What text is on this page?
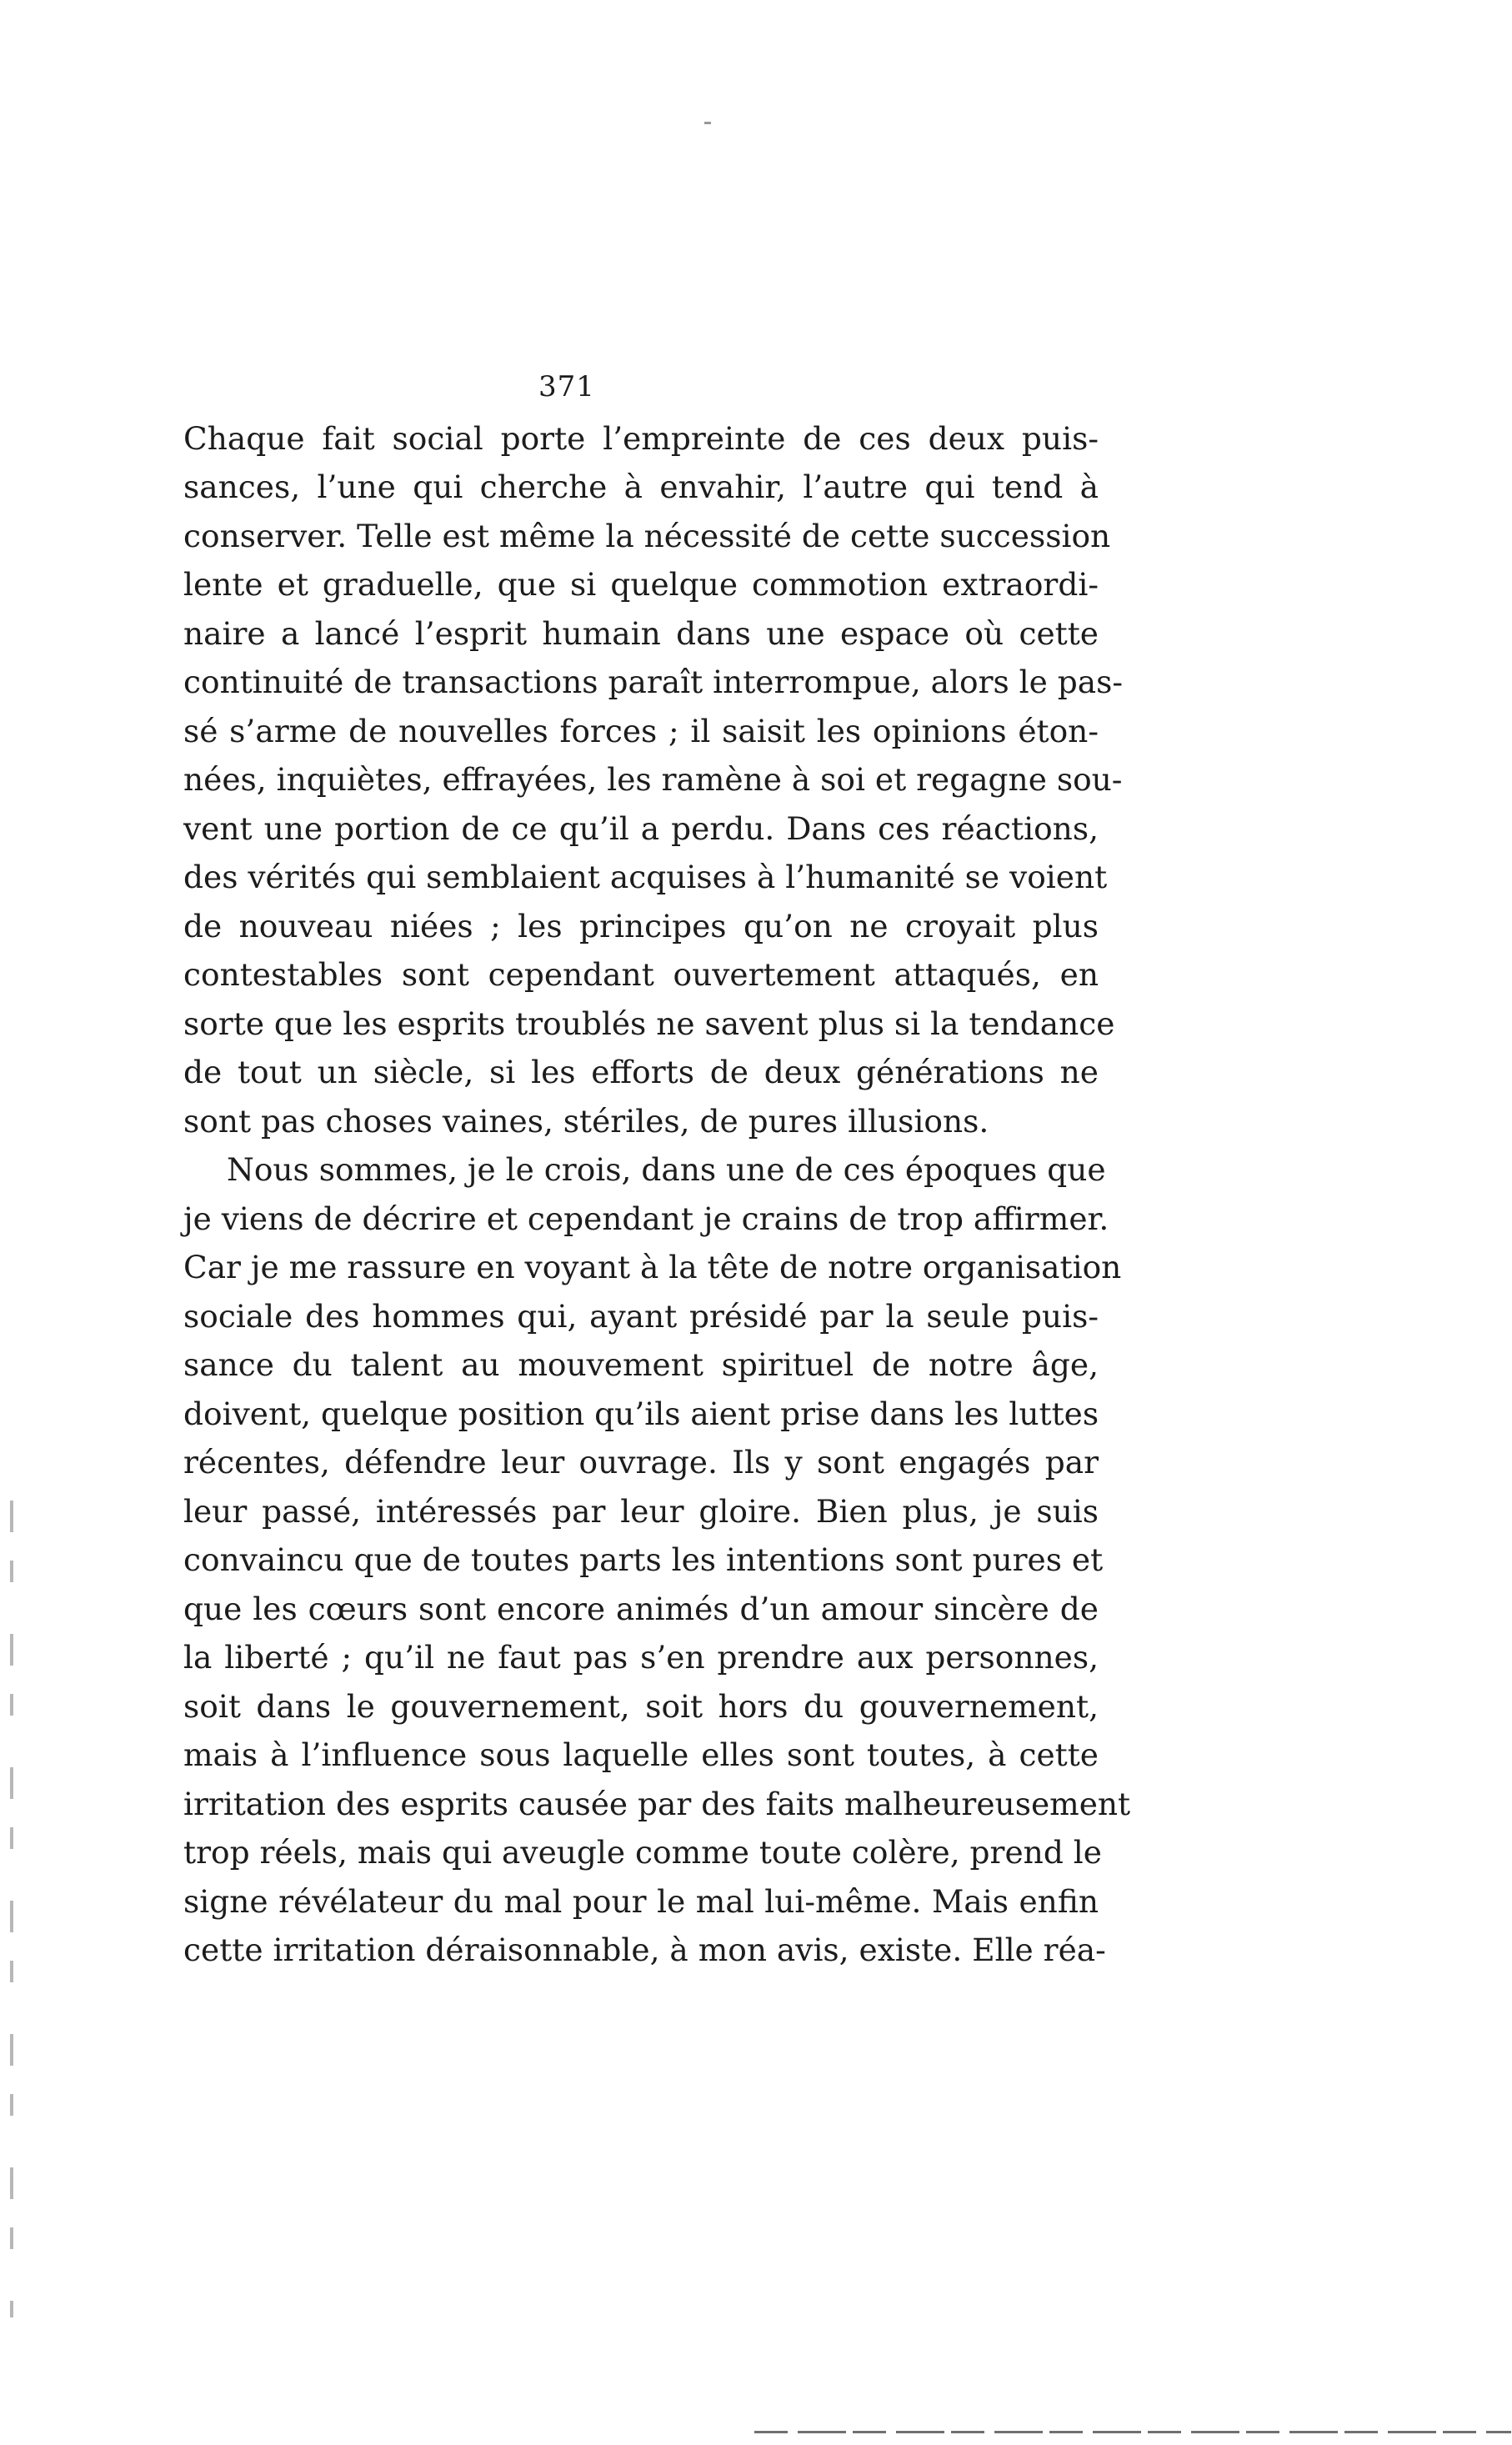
371
Chaque fait social porte l’empreinte de ces deux puis-
sances, l’une qui cherche à envahir, l’autre qui tend à
conserver. Telle est même la nécessité de cette succession
lente et graduelle, que si quelque commotion extraordi-
naire a lancé l’esprit humain dans une espace où cette
continuité de transactions paraît interrompue, alors le pas-
sé s’arme de nouvelles forces ; il saisit les opinions éton-
nées, inquiètes, effrayées, les ramène à soi et regagne sou-
vent une portion de ce qu’il a perdu. Dans ces réactions,
des vérités qui semblaient acquises à l’humanité se voient
de nouveau niées ; les principes qu’on ne croyait plus
contestables sont cependant ouvertement attaqués, en
sorte que les esprits troublés ne savent plus si la tendance
de tout un siècle, si les efforts de deux générations ne
sont pas choses vaines, stériles, de pures illusions.
Nous sommes, je le crois, dans une de ces époques que
je viens de décrire et cependant je crains de trop affirmer.
Car je me rassure en voyant à la tête de notre organisation
sociale des hommes qui, ayant présidé par la seule puis-
sance du talent au mouvement spirituel de notre âge,
doivent, quelque position qu’ils aient prise dans les luttes
récentes, défendre leur ouvrage. Ils y sont engagés par
leur passé, intéressés par leur gloire. Bien plus, je suis
convaincu que de toutes parts les intentions sont pures et
que les cœurs sont encore animés d’un amour sincère de
la liberté ; qu’il ne faut pas s’en prendre aux personnes,
soit dans le gouvernement, soit hors du gouvernement,
mais à l’influence sous laquelle elles sont toutes, à cette
irritation des esprits causée par des faits malheureusement
trop réels, mais qui aveugle comme toute colère, prend le
signe révélateur du mal pour le mal lui-même. Mais enfin
cette irritation déraisonnable, à mon avis, existe. Elle réa-
